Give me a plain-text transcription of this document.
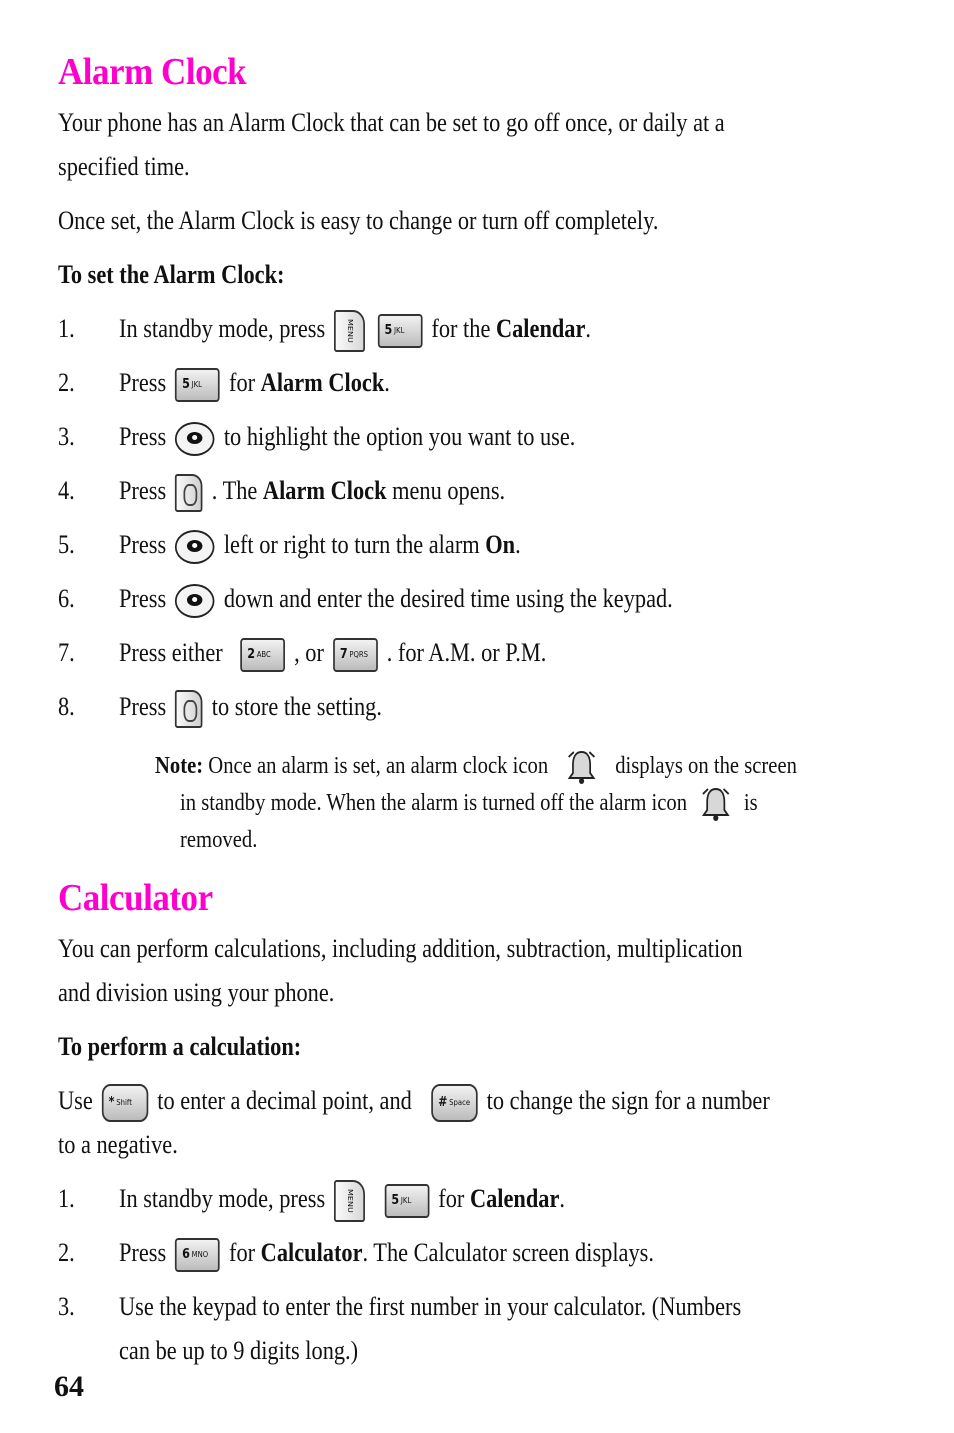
Alarm Clock
Your phone has an Alarm Clock that can be set to go off once, or daily at a
specified time.
Once set, the Alarm Clock is easy to change or turn off completely.
To set the Alarm Clock:
1. In standby mode, press	MENU 5 JKL for the Calendar.
2. Press 5 JKL for Alarm Clock.
3. Press to highlight the option you want to use.
4. Press . The Alarm Clock menu opens.
5. Press left or right to turn the alarm On.
6. Press down and enter the desired time using the keypad.
7. Press either 2 ABC , or 7 PQRS . for A.M. or P.M.
8. Press to store the setting.
Note: Once an alarm is set, an alarm clock icon	displays on the screen
in standby mode. When the alarm is turned off the alarm icon is
removed.
Calculator
You can perform calculations, including addition, subtraction, multiplication
and division using your phone.
To perform a calculation:
Use * Shift to enter a decimal point, and # Space to change the sign for a number
to a negative.
1. In standby mode, press	MENU	5 JKL for Calendar.
2. Press 6 MNO for Calculator. The Calculator screen displays.
3. Use the keypad to enter the first number in your calculator. (Numbers
can be up to 9 digits long.)
64
